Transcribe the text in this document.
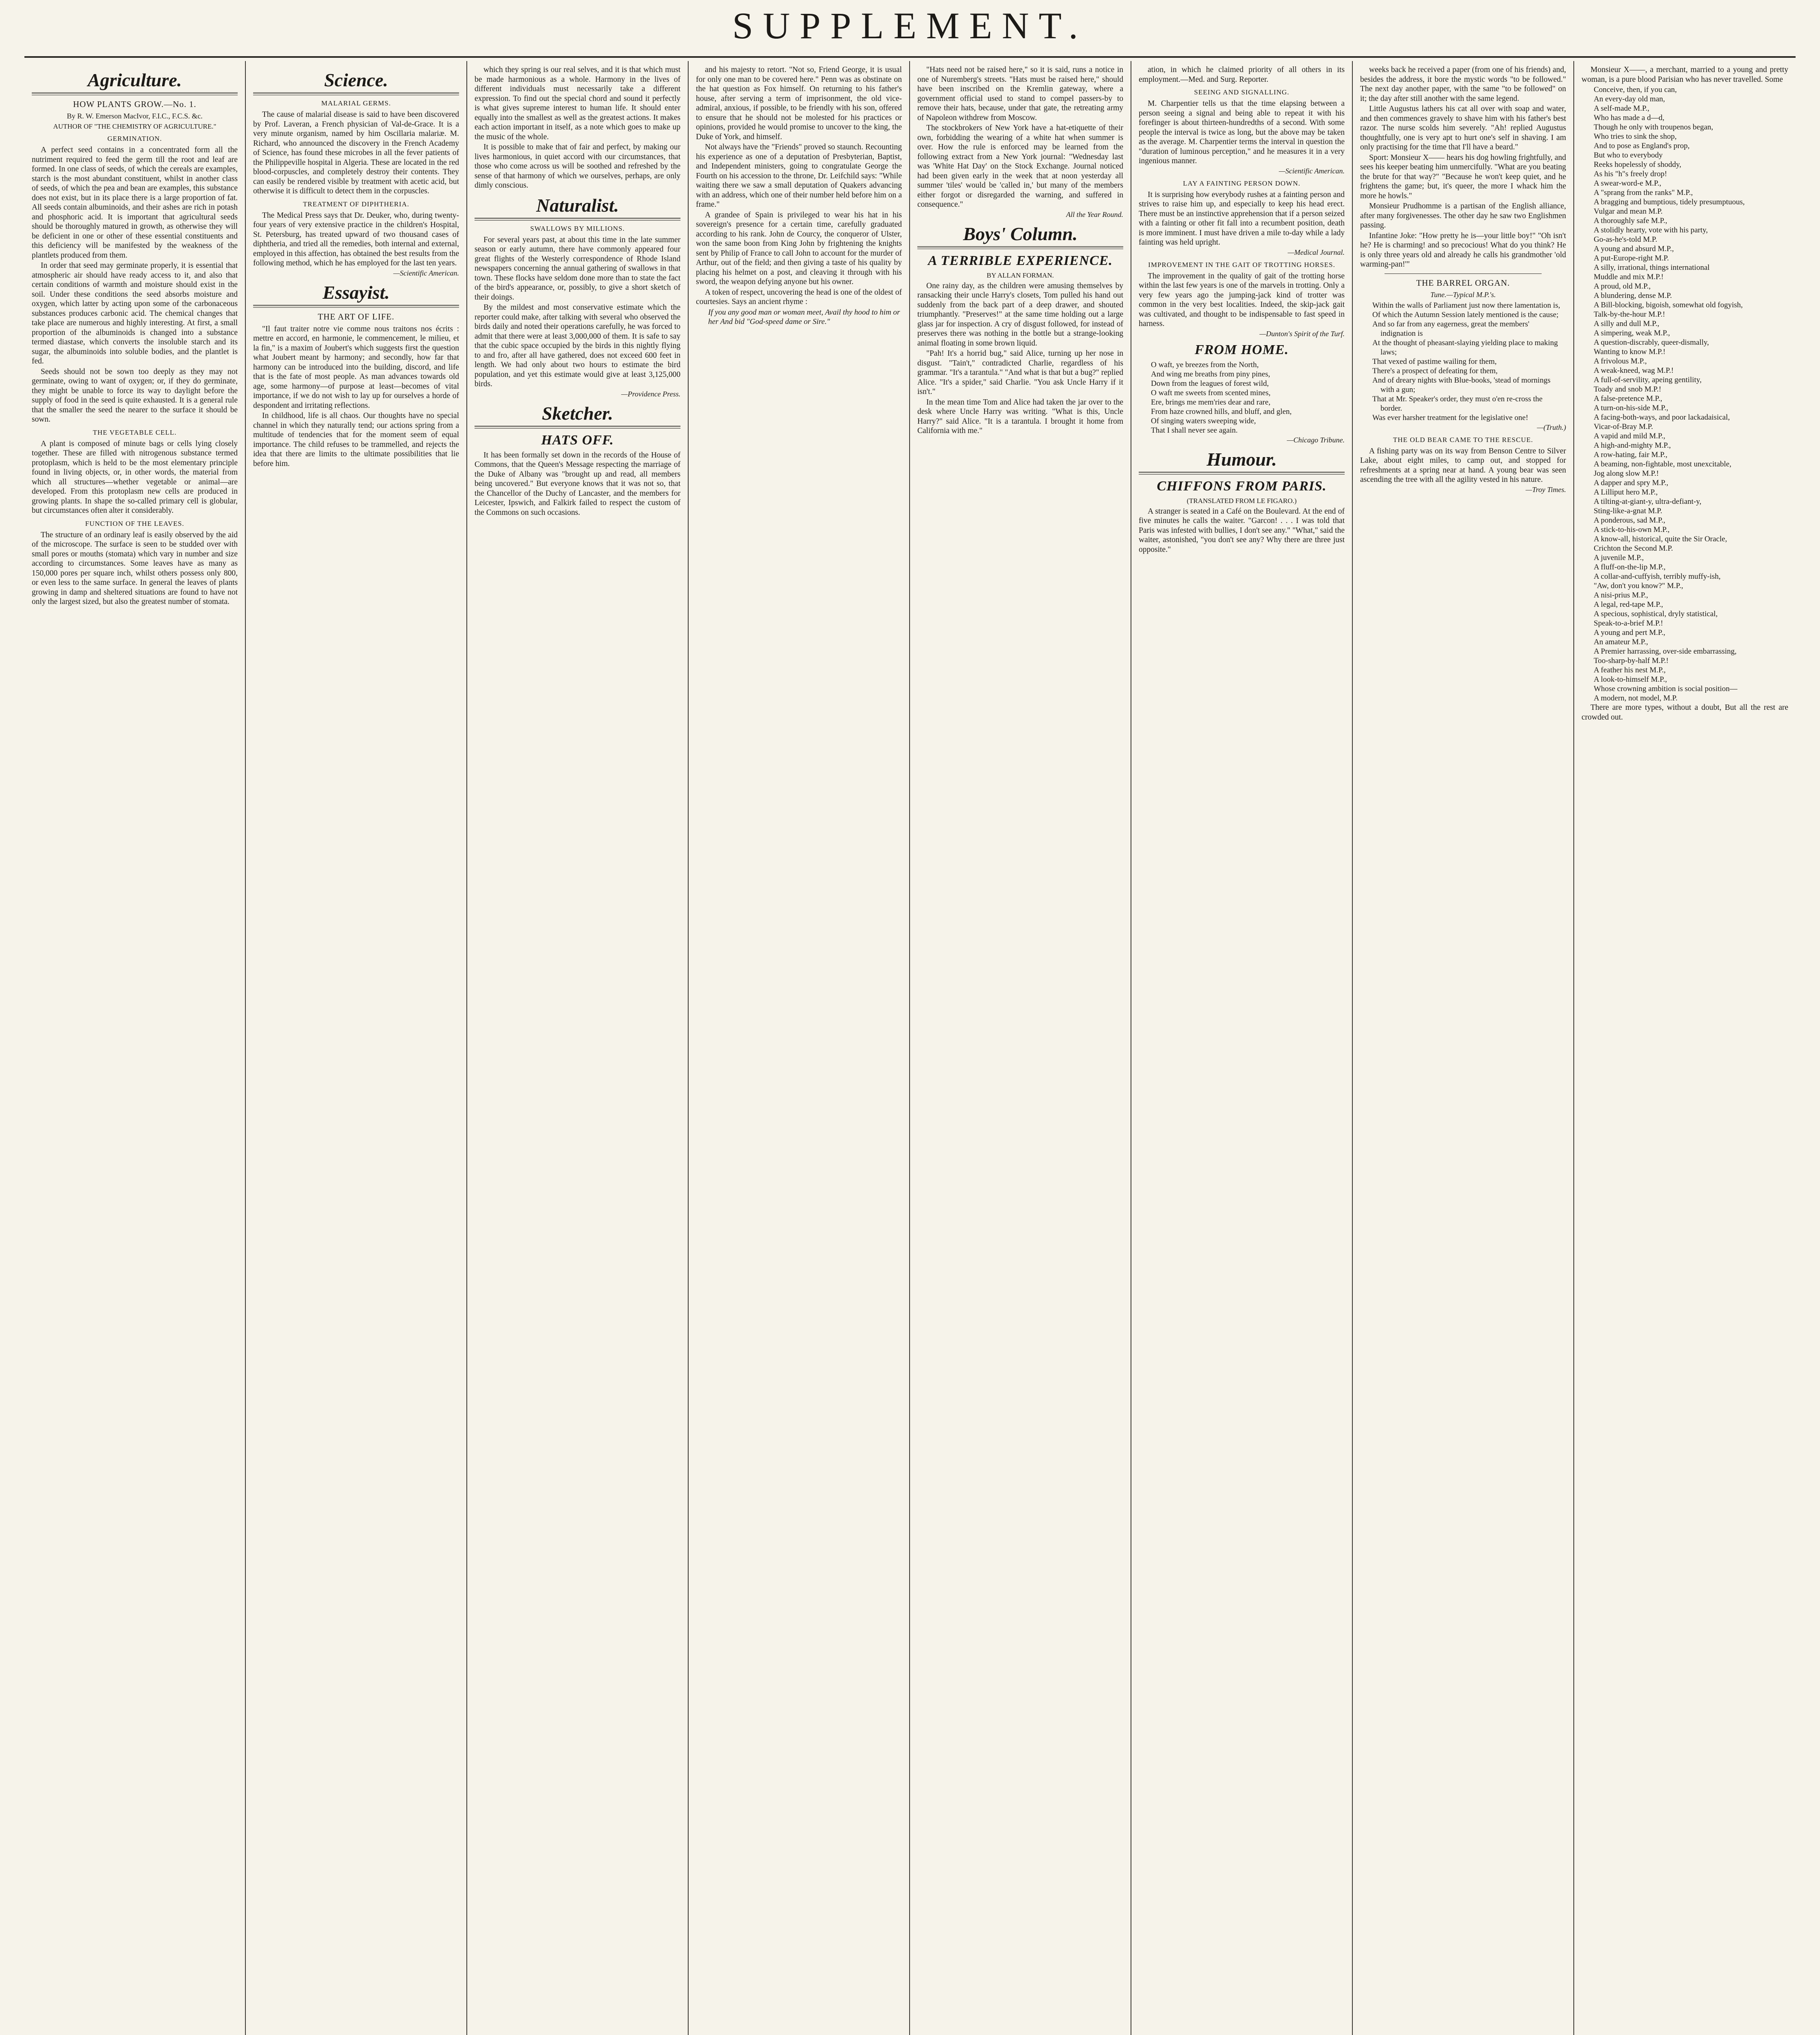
SUPPLEMENT.
Agriculture.
HOW PLANTS GROW.—No. 1.
By R. W. Emerson MacIvor, F.I.C., F.C.S. &c.
AUTHOR OF "THE CHEMISTRY OF AGRICULTURE."
GERMINATION.

A perfect seed contains in a concentrated form all the nutriment required to feed the germ till the root and leaf are formed. In one class of seeds, of which the cereals are examples, starch is the most abundant constituent, whilst in another class of seeds, of which the pea and bean are examples, this substance does not exist, but in its place there is a large proportion of fat. All seeds contain albuminoids, and their ashes are rich in potash and phosphoric acid. It is important that agricultural seeds should be thoroughly matured in growth, as otherwise they will be deficient in one or other of these essential constituents and this deficiency will be manifested by the weakness of the plantlets produced from them.

In order that seed may germinate properly, it is essential that atmospheric air should have ready access to it, and also that certain conditions of warmth and moisture should exist in the soil. Under these conditions the seed absorbs moisture and oxygen, which latter by acting upon some of the carbonaceous substances produces carbonic acid. The chemical changes that take place are numerous and highly interesting. At first, a small proportion of the albuminoids is changed into a substance termed diastase, which converts the insoluble starch and its sugar, the albuminoids into soluble bodies, and the plantlet is fed.

Seeds should not be sown too deeply as they may not germinate, owing to want of oxygen; or, if they do germinate, they might be unable to force its way to daylight before the supply of food in the seed is quite exhausted. It is a general rule that the smaller the seed the nearer to the surface it should be sown.

THE VEGETABLE CELL.

A plant is composed of minute bags or cells lying closely together. These are filled with nitrogenous substance termed protoplasm, which is held to be the most elementary principle found in living objects, or, in other words, the material from which all structures—whether vegetable or animal—are developed. From this protoplasm new cells are produced in growing plants. In shape the so-called primary cell is globular, but circumstances often alter it considerably.

FUNCTION OF THE LEAVES.

The structure of an ordinary leaf is easily observed by the aid of the microscope. The surface is seen to be studded over with small pores or mouths (stomata) which vary in number and size according to circumstances. Some leaves have as many as 150,000 pores per square inch, whilst others possess only 800, or even less to the same surface. In general the leaves of plants growing in damp and sheltered situations are found to have not only the largest sized, but also the greatest number of stomata.

Science.
MALARIAL GERMS.

The cause of malarial disease is said to have been discovered by Prof. Laveran, a French physician of Val-de-Grace. It is a very minute organism, named by him Oscillaria malariæ. M. Richard, who announced the discovery in the French Academy of Science, has found these microbes in all the fever patients of the Philippeville hospital in Algeria. These are located in the red blood-corpuscles, and completely destroy their contents. They can easily be rendered visible by treatment with acetic acid, but otherwise it is difficult to detect them in the corpuscles.

TREATMENT OF DIPHTHERIA.

The Medical Press says that Dr. Deuker, who, during twenty-four years of very extensive practice in the children's Hospital, St. Petersburg, has treated upward of two thousand cases of diphtheria, and tried all the remedies, both internal and external, employed in this affection, has obtained the best results from the following method, which he has employed for the last ten years.

—Scientific American.
Essayist.
THE ART OF LIFE.

"Il faut traiter notre vie comme nous traitons nos écrits : mettre en accord, en harmonie, le commencement, le milieu, et la fin," is a maxim of Joubert's which suggests first the question what Joubert meant by harmony; and secondly, how far that harmony can be introduced into the building, discord, and life that is the fate of most people. As man advances towards old age, some harmony—of purpose at least—becomes of vital importance, if we do not wish to lay up for ourselves a horde of despondent and irritating reflections.

In childhood, life is all chaos. Our thoughts have no special channel in which they naturally tend; our actions spring from a multitude of tendencies that for the moment seem of equal importance. The child refuses to be trammelled, and rejects the idea that there are limits to the ultimate possibilities that lie before him.

which they spring is our real selves, and it is that which must be made harmonious as a whole. Harmony in the lives of different individuals must necessarily take a different expression. To find out the special chord and sound it perfectly is what gives supreme interest to human life. It should enter equally into the smallest as well as the greatest actions. It makes each action important in itself, as a note which goes to make up the music of the whole.

It is possible to make that of fair and perfect, by making our lives harmonious, in quiet accord with our circumstances, that those who come across us will be soothed and refreshed by the sense of that harmony of which we ourselves, perhaps, are only dimly conscious.

Naturalist.
SWALLOWS BY MILLIONS.

For several years past, at about this time in the late summer season or early autumn, there have commonly appeared four great flights of the Westerly correspondence of Rhode Island newspapers concerning the annual gathering of swallows in that town. These flocks have seldom done more than to state the fact of the bird's appearance, or, possibly, to give a short sketch of their doings.

By the mildest and most conservative estimate which the reporter could make, after talking with several who observed the birds daily and noted their operations carefully, he was forced to admit that there were at least 3,000,000 of them. It is safe to say that the cubic space occupied by the birds in this nightly flying to and fro, after all have gathered, does not exceed 600 feet in length. We had only about two hours to estimate the bird population, and yet this estimate would give at least 3,125,000 birds.

—Providence Press.
Sketcher.
HATS OFF.

It has been formally set down in the records of the House of Commons, that the Queen's Message respecting the marriage of the Duke of Albany was "brought up and read, all members being uncovered." But everyone knows that it was not so, that the Chancellor of the Duchy of Lancaster, and the members for Leicester, Ipswich, and Falkirk failed to respect the custom of the Commons on such occasions.

and his majesty to retort. "Not so, Friend George, it is usual for only one man to be covered here." Penn was as obstinate on the hat question as Fox himself. On returning to his father's house, after serving a term of imprisonment, the old vice-admiral, anxious, if possible, to be friendly with his son, offered to ensure that he should not be molested for his practices or opinions, provided he would promise to uncover to the king, the Duke of York, and himself.

Not always have the "Friends" proved so staunch. Recounting his experience as one of a deputation of Presbyterian, Baptist, and Independent ministers, going to congratulate George the Fourth on his accession to the throne, Dr. Leifchild says: "While waiting there we saw a small deputation of Quakers advancing with an address, which one of their number held before him on a frame."

A grandee of Spain is privileged to wear his hat in his sovereign's presence for a certain time, carefully graduated according to his rank. John de Courcy, the conqueror of Ulster, won the same boon from King John by frightening the knights sent by Philip of France to call John to account for the murder of Arthur, out of the field; and then giving a taste of his quality by placing his helmet on a post, and cleaving it through with his sword, the weapon defying anyone but his owner.

A token of respect, uncovering the head is one of the oldest of courtesies. Says an ancient rhyme :

If you any good man or woman meet, Avail thy hood to him or her And bid "God-speed dame or Sire."

"Hats need not be raised here," so it is said, runs a notice in one of Nuremberg's streets. "Hats must be raised here," should have been inscribed on the Kremlin gateway, where a government official used to stand to compel passers-by to remove their hats, because, under that gate, the retreating army of Napoleon withdrew from Moscow.

The stockbrokers of New York have a hat-etiquette of their own, forbidding the wearing of a white hat when summer is over. How the rule is enforced may be learned from the following extract from a New York journal: "Wednesday last was 'White Hat Day' on the Stock Exchange. Journal noticed had been given early in the week that at noon yesterday all summer 'tiles' would be 'called in,' but many of the members either forgot or disregarded the warning, and suffered in consequence."

All the Year Round.
Boys' Column.
A TERRIBLE EXPERIENCE.
BY ALLAN FORMAN.

One rainy day, as the children were amusing themselves by ransacking their uncle Harry's closets, Tom pulled his hand out suddenly from the back part of a deep drawer, and shouted triumphantly. "Preserves!" at the same time holding out a large glass jar for inspection. A cry of disgust followed, for instead of preserves there was nothing in the bottle but a strange-looking animal floating in some brown liquid.

"Pah! It's a horrid bug," said Alice, turning up her nose in disgust. "Tain't," contradicted Charlie, regardless of his grammar. "It's a tarantula." "And what is that but a bug?" replied Alice. "It's a spider," said Charlie. "You ask Uncle Harry if it isn't."

In the mean time Tom and Alice had taken the jar over to the desk where Uncle Harry was writing. "What is this, Uncle Harry?" said Alice. "It is a tarantula. I brought it home from California with me."

ation, in which he claimed priority of all others in its employment.—Med. and Surg. Reporter.

SEEING AND SIGNALLING.

M. Charpentier tells us that the time elapsing between a person seeing a signal and being able to repeat it with his forefinger is about thirteen-hundredths of a second. With some people the interval is twice as long, but the above may be taken as the average. M. Charpentier terms the interval in question the "duration of luminous perception," and he measures it in a very ingenious manner.

—Scientific American.
LAY A FAINTING PERSON DOWN.

It is surprising how everybody rushes at a fainting person and strives to raise him up, and especially to keep his head erect. There must be an instinctive apprehension that if a person seized with a fainting or other fit fall into a recumbent position, death is more imminent. I must have driven a mile to-day while a lady fainting was held upright.

—Medical Journal.
IMPROVEMENT IN THE GAIT OF TROTTING HORSES.

The improvement in the quality of gait of the trotting horse within the last few years is one of the marvels in trotting. Only a very few years ago the jumping-jack kind of trotter was common in the very best localities. Indeed, the skip-jack gait was cultivated, and thought to be indispensable to fast speed in harness.

—Dunton's Spirit of the Turf.
FROM HOME.
O waft, ye breezes from the North,
And wing me breaths from piny pines,
Down from the leagues of forest wild,
O waft me sweets from scented mines,
Ere, brings me mem'ries dear and rare,
From haze crowned hills, and bluff, and glen,
Of singing waters sweeping wide,
That I shall never see again.
—Chicago Tribune.
Humour.
CHIFFONS FROM PARIS.
(TRANSLATED FROM LE FIGARO.)

A stranger is seated in a Café on the Boulevard. At the end of five minutes he calls the waiter. "Garcon! . . . I was told that Paris was infested with bullies, I don't see any." "What," said the waiter, astonished, "you don't see any? Why there are three just opposite."

weeks back he received a paper (from one of his friends) and, besides the address, it bore the mystic words "to be followed." The next day another paper, with the same "to be followed" on it; the day after still another with the same legend.

Little Augustus lathers his cat all over with soap and water, and then commences gravely to shave him with his father's best razor. The nurse scolds him severely. "Ah! replied Augustus thoughtfully, one is very apt to hurt one's self in shaving. I am only practising for the time that I'll have a beard."

Sport: Monsieur X—— hears his dog howling frightfully, and sees his keeper beating him unmercifully. "What are you beating the brute for that way?" "Because he won't keep quiet, and he frightens the game; but, it's queer, the more I whack him the more he howls."

Monsieur Prudhomme is a partisan of the English alliance, after many forgivenesses. The other day he saw two Englishmen passing.

Infantine Joke: "How pretty he is—your little boy!" "Oh isn't he? He is charming! and so precocious! What do you think? He is only three years old and already he calls his grandmother 'old warming-pan!'"

THE BARREL ORGAN.
Tune.—Typical M.P.'s.
Within the walls of Parliament just now there lamentation is,
Of which the Autumn Session lately mentioned is the cause;
And so far from any eagerness, great the members' indignation is
At the thought of pheasant-slaying yielding place to making laws;
That vexed of pastime wailing for them,
There's a prospect of defeating for them,
And of dreary nights with Blue-books, 'stead of mornings with a gun;
That at Mr. Speaker's order, they must o'en re-cross the border.
Was ever harsher treatment for the legislative one!
—(Truth.)
THE OLD BEAR CAME TO THE RESCUE.

A fishing party was on its way from Benson Centre to Silver Lake, about eight miles, to camp out, and stopped for refreshments at a spring near at hand. A young bear was seen ascending the tree with all the agility vested in his nature.

—Troy Times.

Monsieur X——, a merchant, married to a young and pretty woman, is a pure blood Parisian who has never travelled. Some

Conceive, then, if you can,
An every-day old man,
A self-made M.P.,
Who has made a d—d,
Though he only with troupenos began,
Who tries to sink the shop,
And to pose as England's prop,
But who to everybody
Reeks hopelessly of shoddy,
As his "h"s freely drop!
A swear-word-e M.P.,
A "sprang from the ranks" M.P.,
A bragging and bumptious, tidely presumptuous,
Vulgar and mean M.P.
A thoroughly safe M.P.,
A stolidly hearty, vote with his party,
Go-as-he's-told M.P.
A young and absurd M.P.,
A put-Europe-right M.P.
A silly, irrational, things international
Muddle and mix M.P.!
A proud, old M.P.,
A blundering, dense M.P.
A Bill-blocking, bigoish, somewhat old fogyish,
Talk-by-the-hour M.P.!
A silly and dull M.P.,
A simpering, weak M.P.,
A question-discrably, queer-dismally,
Wanting to know M.P.!
A frivolous M.P.,
A weak-kneed, wag M.P.!
A full-of-servility, apeing gentility,
Toady and snob M.P.!
A false-pretence M.P.,
A turn-on-his-side M.P.,
A facing-both-ways, and poor lackadaisical,
Vicar-of-Bray M.P.
A vapid and mild M.P.,
A high-and-mighty M.P.,
A row-hating, fair M.P.,
A beaming, non-fightable, most unexcitable,
Jog along slow M.P.!
A dapper and spry M.P.,
A Lilliput hero M.P.,
A tilting-at-giant-y, ultra-defiant-y,
Sting-like-a-gnat M.P.
A ponderous, sad M.P.,
A stick-to-his-own M.P.,
A know-all, historical, quite the Sir Oracle,
Crichton the Second M.P.
A juvenile M.P.,
A fluff-on-the-lip M.P.,
A collar-and-cuffyish, terribly muffy-ish,
"Aw, don't you know?" M.P.,
A nisi-prius M.P.,
A legal, red-tape M.P.,
A specious, sophistical, dryly statistical,
Speak-to-a-brief M.P.!
A young and pert M.P.,
An amateur M.P.,
A Premier harrassing, over-side embarrassing,
Too-sharp-by-half M.P.!
A feather his nest M.P.,
A look-to-himself M.P.,
Whose crowning ambition is social position—
A modern, not model, M.P.

There are more types, without a doubt, But all the rest are crowded out.
